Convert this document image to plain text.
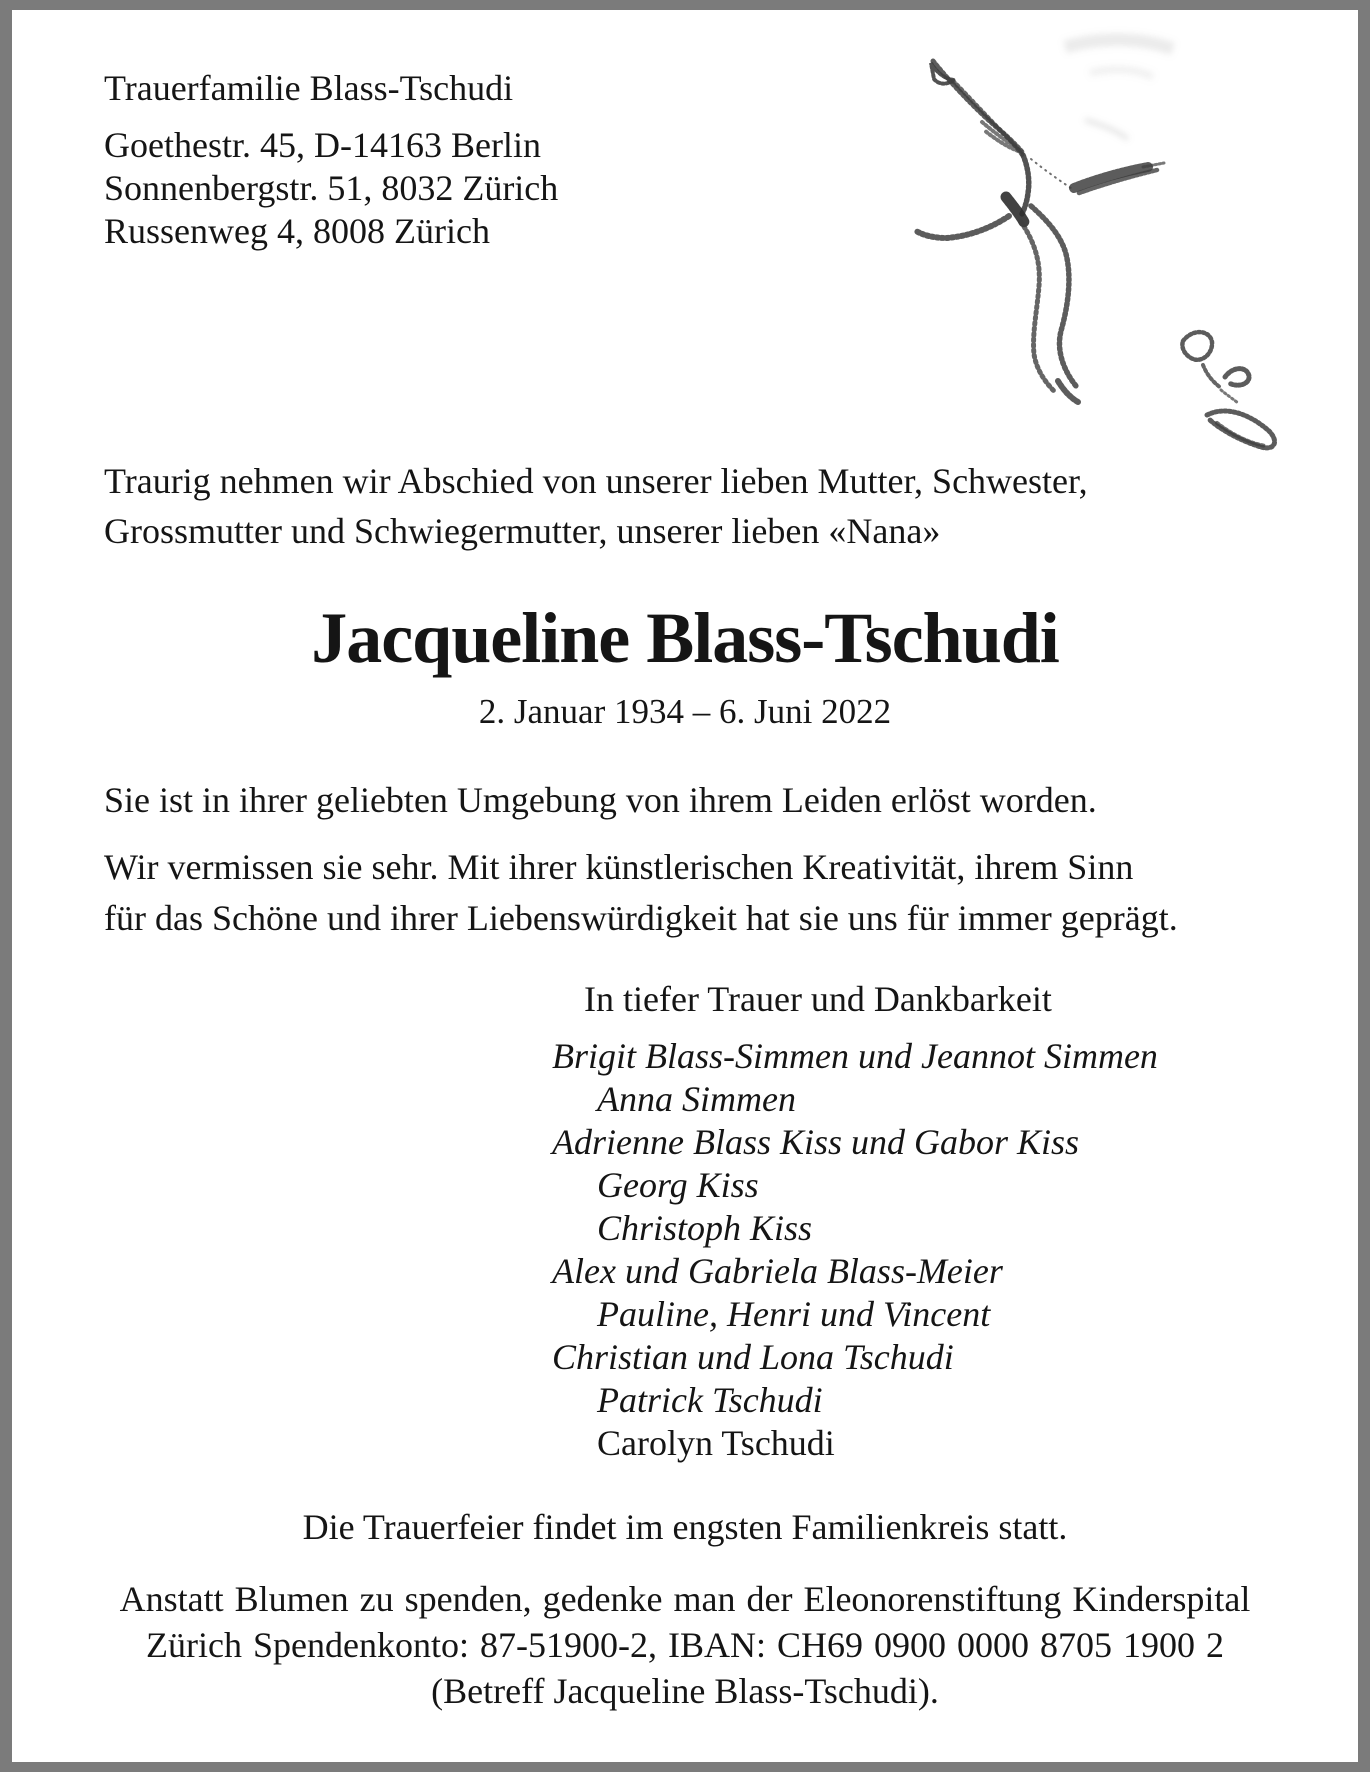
Trauerfamilie Blass-Tschudi
Goethestr. 45, D-14163 Berlin
Sonnenbergstr. 51, 8032 Zürich
Russenweg 4, 8008 Zürich
Traurig nehmen wir Abschied von unserer lieben Mutter, Schwester,
Grossmutter und Schwiegermutter, unserer lieben «Nana»
Jacqueline Blass-Tschudi
2. Januar 1934 – 6. Juni 2022
Sie ist in ihrer geliebten Umgebung von ihrem Leiden erlöst worden.
Wir vermissen sie sehr. Mit ihrer künstlerischen Kreativität, ihrem Sinn
für das Schöne und ihrer Liebenswürdigkeit hat sie uns für immer geprägt.
In tiefer Trauer und Dankbarkeit
Brigit Blass-Simmen und Jeannot Simmen
Anna Simmen
Adrienne Blass Kiss und Gabor Kiss
Georg Kiss
Christoph Kiss
Alex und Gabriela Blass-Meier
Pauline, Henri und Vincent
Christian und Lona Tschudi
Patrick Tschudi
Carolyn Tschudi
Die Trauerfeier findet im engsten Familienkreis statt.
Anstatt Blumen zu spenden, gedenke man der Eleonorenstiftung Kinderspital
Zürich Spendenkonto: 87-51900-2, IBAN: CH69 0900 0000 8705 1900 2
(Betreff Jacqueline Blass-Tschudi).
